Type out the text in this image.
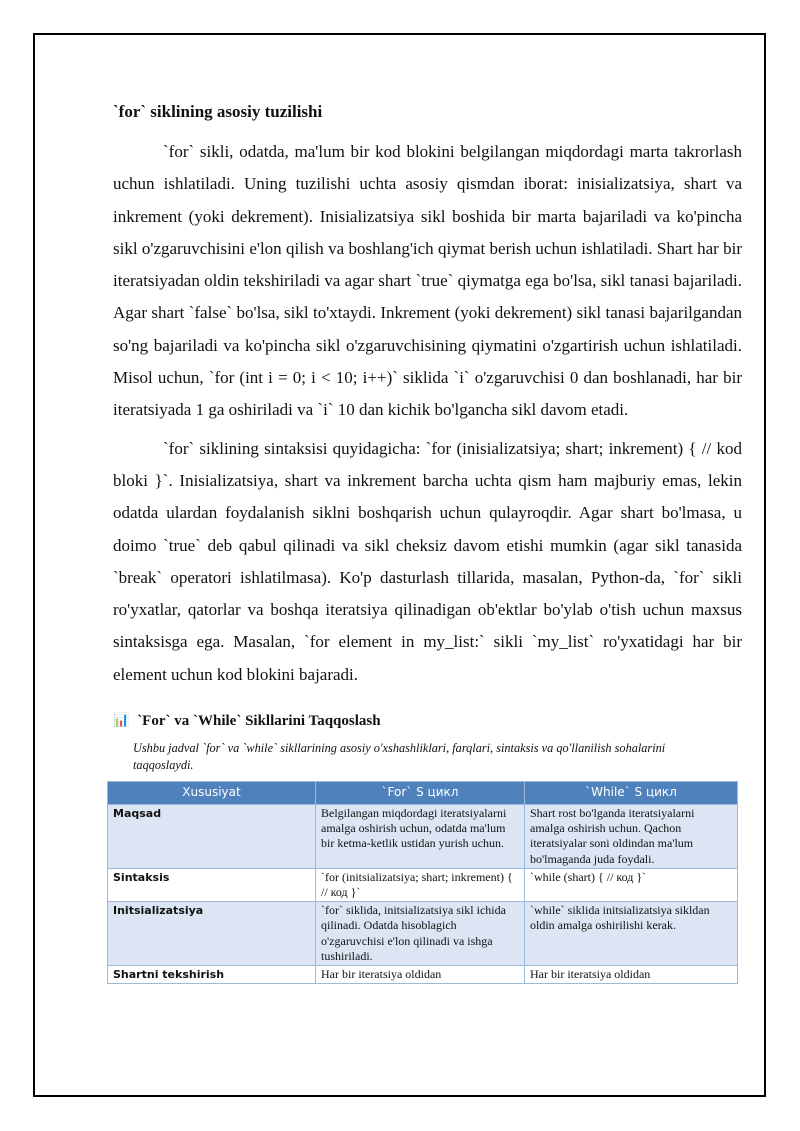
`for` siklining asosiy tuzilishi

`for` sikli, odatda, ma'lum bir kod blokini belgilangan miqdordagi marta takrorlash uchun ishlatiladi. Uning tuzilishi uchta asosiy qismdan iborat: inisializatsiya, shart va inkrement (yoki dekrement). Inisializatsiya sikl boshida bir marta bajariladi va ko'pincha sikl o'zgaruvchisini e'lon qilish va boshlang'ich qiymat berish uchun ishlatiladi. Shart har bir iteratsiyadan oldin tekshiriladi va agar shart `true` qiymatga ega bo'lsa, sikl tanasi bajariladi. Agar shart `false` bo'lsa, sikl to'xtaydi. Inkrement (yoki dekrement) sikl tanasi bajarilgandan so'ng bajariladi va ko'pincha sikl o'zgaruvchisining qiymatini o'zgartirish uchun ishlatiladi. Misol uchun, `for (int i = 0; i < 10; i++)` siklida `i` o'zgaruvchisi 0 dan boshlanadi, har bir iteratsiyada 1 ga oshiriladi va `i` 10 dan kichik bo'lgancha sikl davom etadi.

`for` siklining sintaksisi quyidagicha: `for (inisializatsiya; shart; inkrement) { // kod bloki }`. Inisializatsiya, shart va inkrement barcha uchta qism ham majburiy emas, lekin odatda ulardan foydalanish siklni boshqarish uchun qulayroqdir. Agar shart bo'lmasa, u doimo `true` deb qabul qilinadi va sikl cheksiz davom etishi mumkin (agar sikl tanasida `break` operatori ishlatilmasa). Ko'p dasturlash tillarida, masalan, Python-da, `for` sikli ro'yxatlar, qatorlar va boshqa iteratsiya qilinadigan ob'ektlar bo'ylab o'tish uchun maxsus sintaksisga ega. Masalan, `for element in my_list:` sikli `my_list` ro'yxatidagi har bir element uchun kod blokini bajaradi.

📊 `For` va `While` Sikllarini Taqqoslash
Ushbu jadval `for` va `while` sikllarining asosiy o'xshashliklari, farqlari, sintaksis va qo'llanilish sohalarini taqqoslaydi.
Xususiyat	`For` S цикл	`While` S цикл
Maqsad	Belgilangan miqdordagi iteratsiyalarni amalga oshirish uchun, odatda ma'lum bir ketma-ketlik ustidan yurish uchun.	Shart rost bo'lganda iteratsiyalarni amalga oshirish uchun. Qachon iteratsiyalar soni oldindan ma'lum bo'lmaganda juda foydali.
Sintaksis	`for (initsializatsiya; shart; inkrement) { // код }`	`while (shart) { // код }`
Initsializatsiya	`for` siklida, initsializatsiya sikl ichida qilinadi. Odatda hisoblagich o'zgaruvchisi e'lon qilinadi va ishga tushiriladi.	`while` siklida initsializatsiya sikldan oldin amalga oshirilishi kerak.
Shartni tekshirish	Har bir iteratsiya oldidan	Har bir iteratsiya oldidan
